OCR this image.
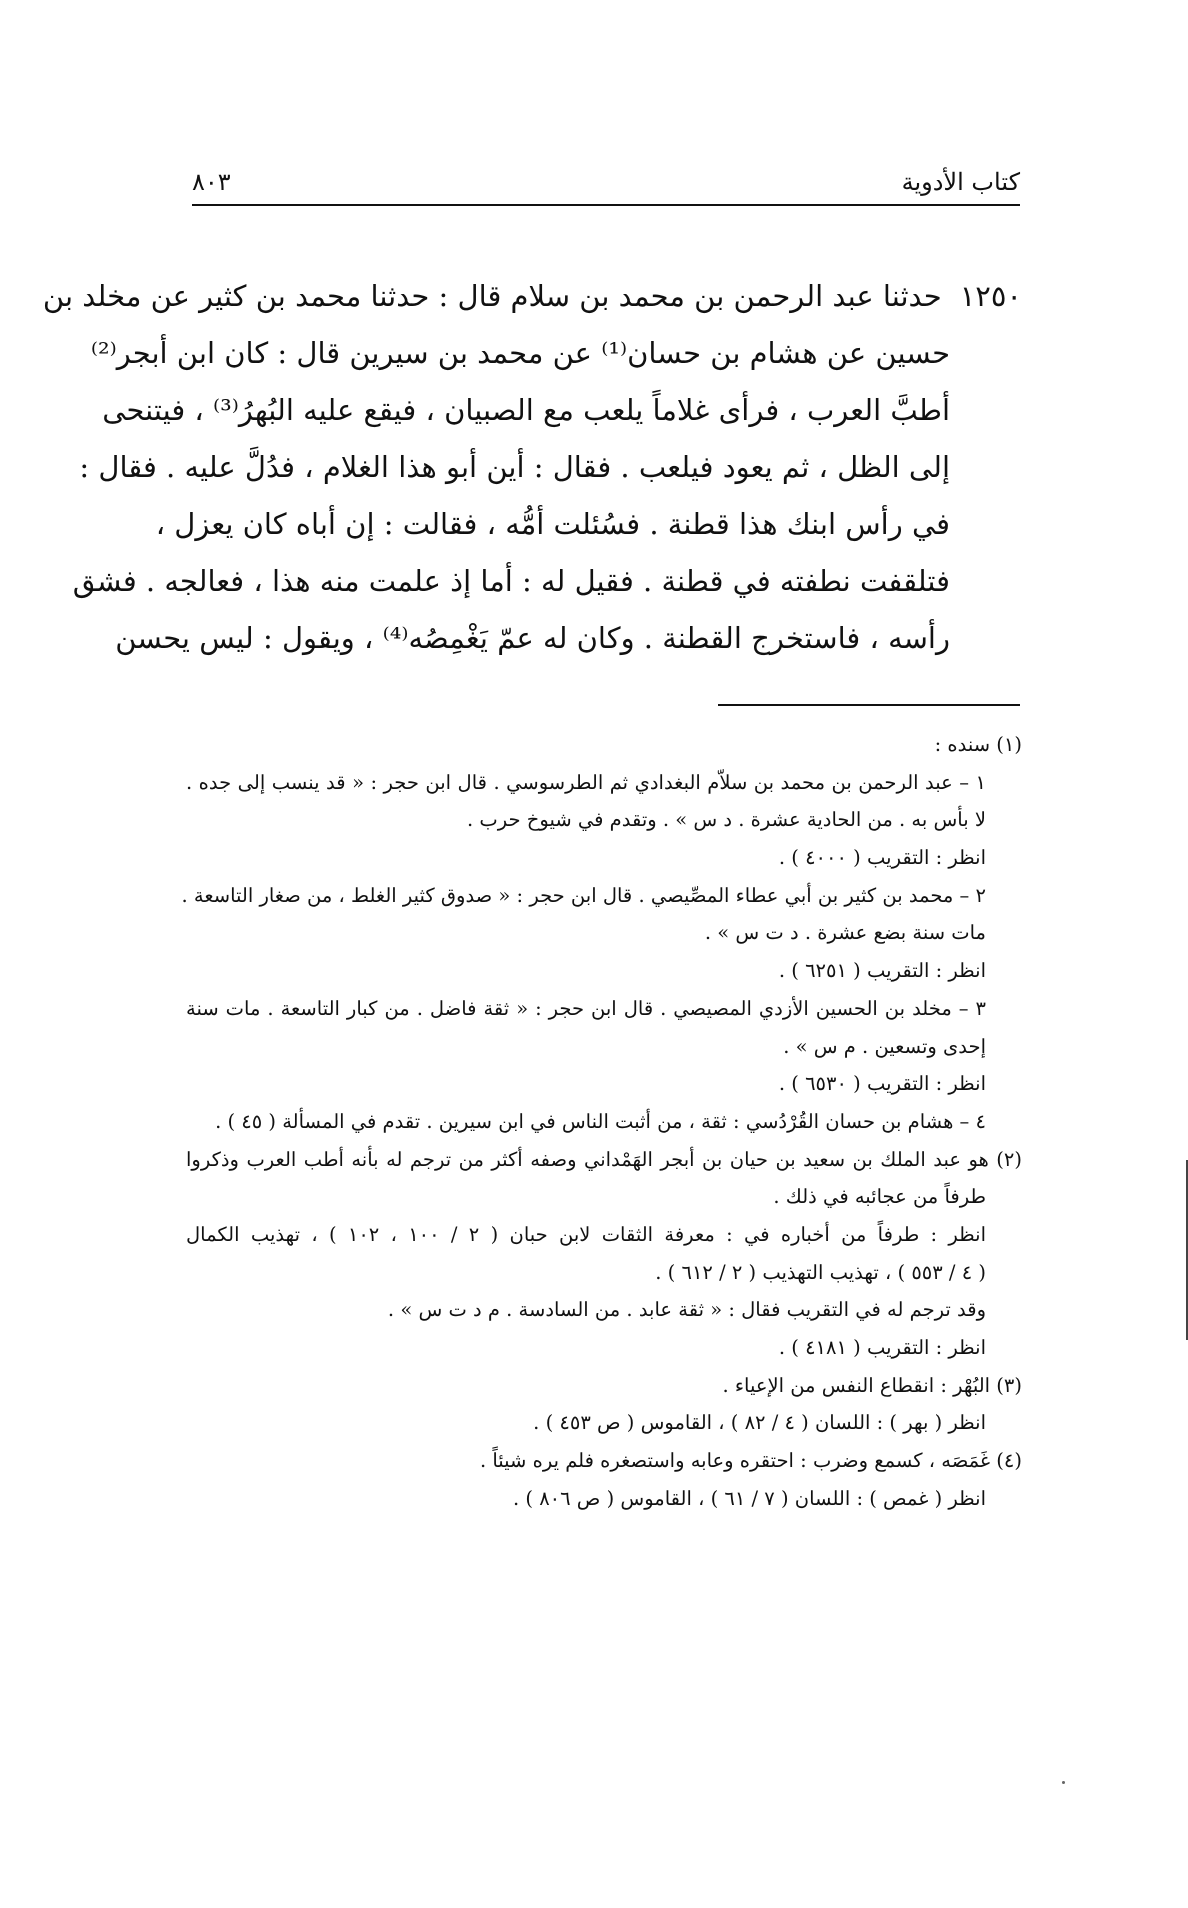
كتاب الأدوية
٨٠٣
١٢٥٠
حدثنا عبد الرحمن بن محمد بن سلام قال : حدثنا محمد بن كثير عن مخلد بن
حسين عن هشام بن حسان⁽¹⁾ عن محمد بن سيرين قال : كان ابن أبجر⁽²⁾
أطبَّ العرب ، فرأى غلاماً يلعب مع الصبيان ، فيقع عليه البُهرُ⁽³⁾ ، فيتنحى
إلى الظل ، ثم يعود فيلعب . فقال : أين أبو هذا الغلام ، فدُلَّ عليه . فقال :
في رأس ابنك هذا قطنة . فسُئلت أمُّه ، فقالت : إن أباه كان يعزل ،
فتلقفت نطفته في قطنة . فقيل له : أما إذ علمت منه هذا ، فعالجه . فشق
رأسه ، فاستخرج القطنة . وكان له عمّ يَغْمِصُه⁽⁴⁾ ، ويقول : ليس يحسن
(١) سنده :
١ – عبد الرحمن بن محمد بن سلاّم البغدادي ثم الطرسوسي . قال ابن حجر : « قد ينسب إلى جده .
لا بأس به . من الحادية عشرة . د س » . وتقدم في شيوخ حرب .
انظر : التقريب ( ٤٠٠٠ ) .
٢ – محمد بن كثير بن أبي عطاء المصِّيصي . قال ابن حجر : « صدوق كثير الغلط ، من صغار التاسعة .
مات سنة بضع عشرة . د ت س » .
انظر : التقريب ( ٦٢٥١ ) .
٣ – مخلد بن الحسين الأزدي المصيصي . قال ابن حجر : « ثقة فاضل . من كبار التاسعة . مات سنة
إحدى وتسعين . م س » .
انظر : التقريب ( ٦٥٣٠ ) .
٤ – هشام بن حسان القُرْدُسي : ثقة ، من أثبت الناس في ابن سيرين . تقدم في المسألة ( ٤٥ ) .
(٢) هو عبد الملك بن سعيد بن حيان بن أبجر الهَمْداني وصفه أكثر من ترجم له بأنه أطب العرب وذكروا
طرفاً من عجائبه في ذلك .
انظر : طرفاً من أخباره في : معرفة الثقات لابن حبان ( ٢ / ١٠٠ ، ١٠٢ ) ، تهذيب الكمال
( ٤ / ٥٥٣ ) ، تهذيب التهذيب ( ٢ / ٦١٢ ) .
وقد ترجم له في التقريب فقال : « ثقة عابد . من السادسة . م د ت س » .
انظر : التقريب ( ٤١٨١ ) .
(٣) البُهْر : انقطاع النفس من الإعياء .
انظر ( بهر ) : اللسان ( ٤ / ٨٢ ) ، القاموس ( ص ٤٥٣ ) .
(٤) غَمَصَه ، كسمع وضرب : احتقره وعابه واستصغره فلم يره شيئاً .
انظر ( غمص ) : اللسان ( ٧ / ٦١ ) ، القاموس ( ص ٨٠٦ ) .
